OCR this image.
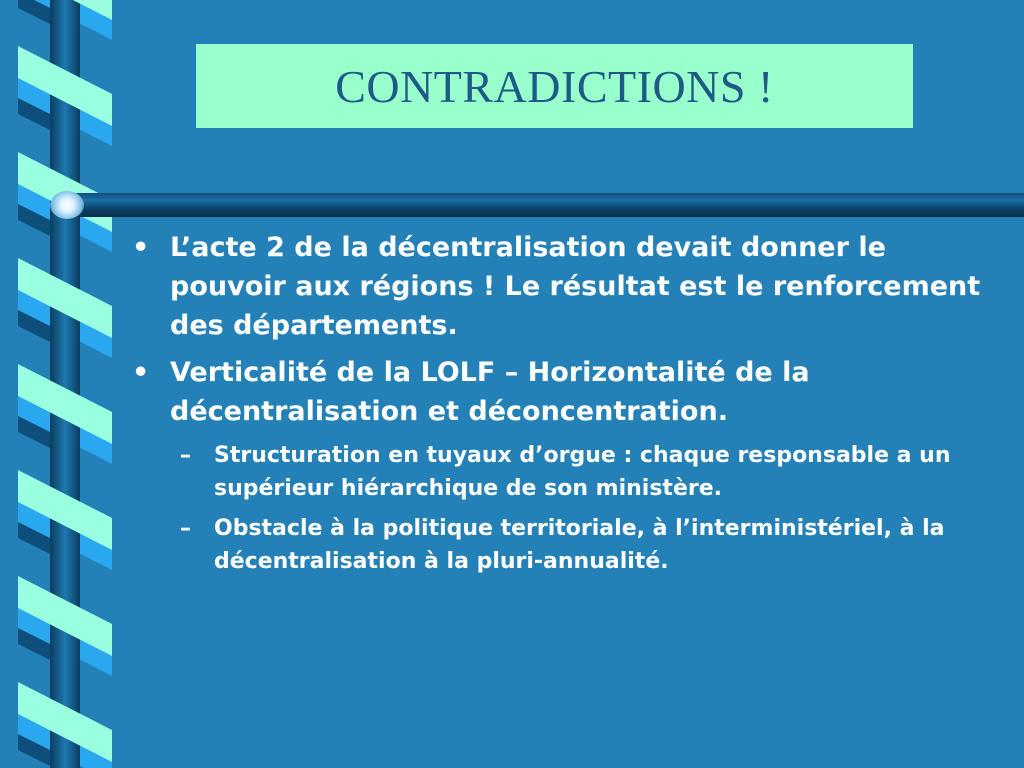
CONTRADICTIONS !
• L’acte 2 de la décentralisation devait donner le pouvoir aux régions ! Le résultat est le renforcement des départements.
• Verticalité de la LOLF – Horizontalité de la décentralisation et déconcentration.
– Structuration en tuyaux d’orgue : chaque responsable a un supérieur hiérarchique de son ministère.
– Obstacle à la politique territoriale, à l’interministériel, à la décentralisation à la pluri-annualité.
